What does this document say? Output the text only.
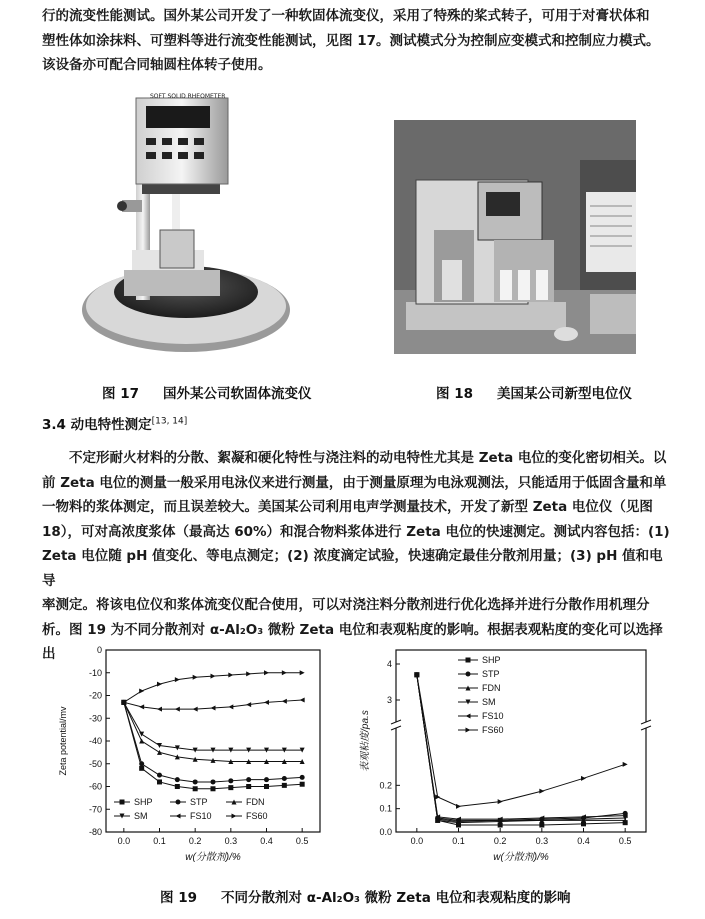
行的流变性能测试。国外某公司开发了一种软固体流变仪，采用了特殊的桨式转子，可用于对膏状体和

塑性体如涂抹料、可塑料等进行流变性能测试，见图 17。测试模式分为控制应变模式和控制应力模式。

该设备亦可配合同轴圆柱体转子使用。

SOFT SOLID RHEOMETER
图 17 国外某公司软固体流变仪	图 18 美国某公司新型电位仪
3.4 动电特性测定[13, 14]

不定形耐火材料的分散、絮凝和硬化特性与浇注料的动电特性尤其是 Zeta 电位的变化密切相关。以

前 Zeta 电位的测量一般采用电泳仪来进行测量，由于测量原理为电泳观测法，只能适用于低固含量和单

一物料的浆体测定，而且误差较大。美国某公司利用电声学测量技术，开发了新型 Zeta 电位仪（见图

18），可对高浓度浆体（最高达 60%）和混合物料浆体进行 Zeta 电位的快速测定。测试内容包括：(1)

Zeta 电位随 pH 值变化、等电点测定；(2) 浓度滴定试验，快速确定最佳分散剂用量；(3) pH 值和电导

率测定。将该电位仪和浆体流变仪配合使用，可以对浇注料分散剂进行优化选择并进行分散作用机理分

析。图 19 为不同分散剂对 α-Al₂O₃ 微粉 Zeta 电位和表观粘度的影响。根据表观粘度的变化可以选择出	0
-10
-20
-30
-40
-50
-60
-70
-80
0.0	0.1	0.2	0.3	0.4	0.5
Zeta potential/mv
w(分散剂)/%
SHP	STP	FDN
SM	FS10	FS60
0.0
0.1
0.2
3
4
0.0	0.1	0.2	0.3	0.4	0.5
表观粘度/pa.s
w(分散剂)/%
SHP
STP
FDN
SM
FS10
FS60
图 19 不同分散剂对 α-Al₂O₃ 微粉 Zeta 电位和表观粘度的影响
